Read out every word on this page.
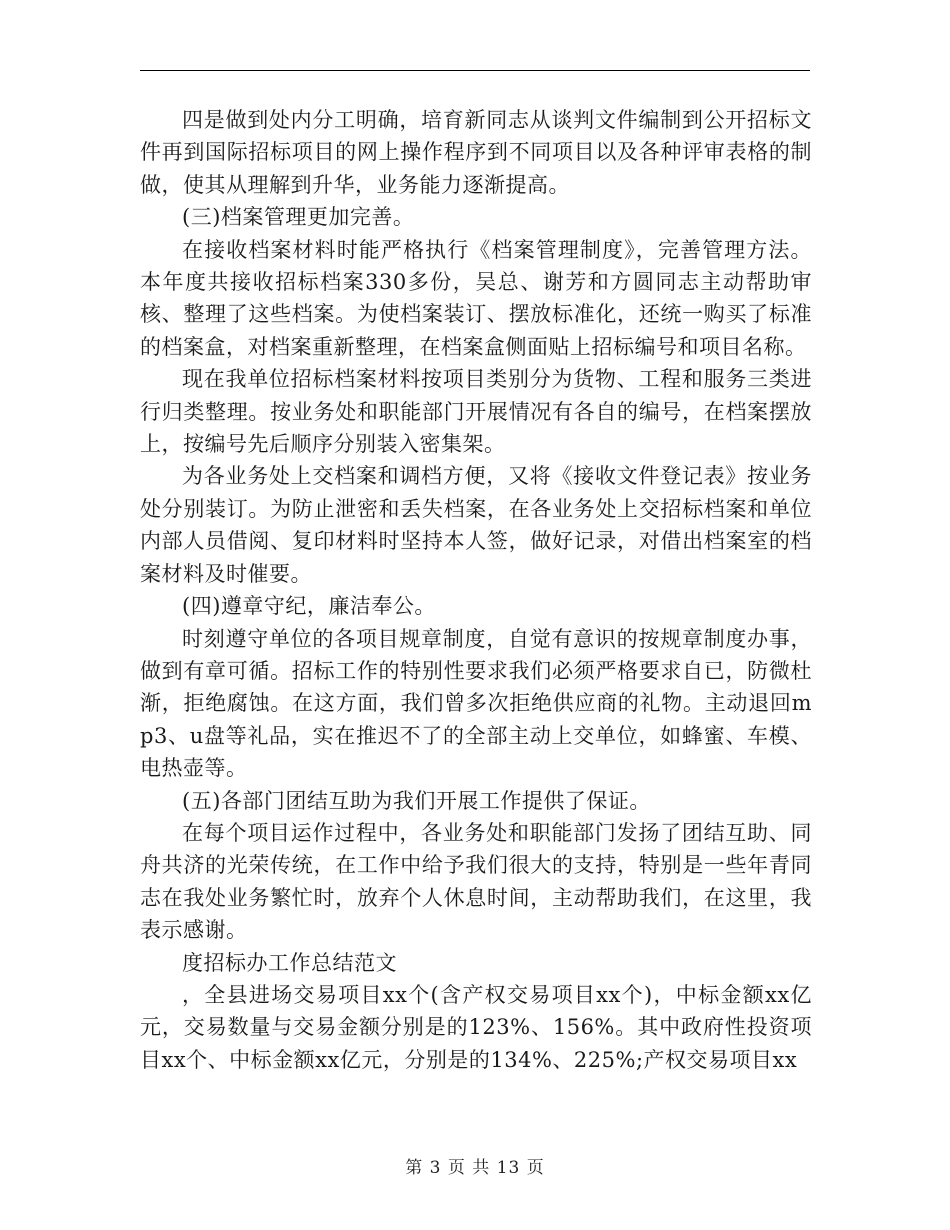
四是做到处内分工明确，培育新同志从谈判文件编制到公开招标文件再到国际招标项目的网上操作程序到不同项目以及各种评审表格的制做，使其从理解到升华，业务能力逐渐提高。

(三)档案管理更加完善。

在接收档案材料时能严格执行《档案管理制度》，完善管理方法。本年度共接收招标档案330多份，吴总、谢芳和方圆同志主动帮助审核、整理了这些档案。为使档案装订、摆放标准化，还统一购买了标准的档案盒，对档案重新整理，在档案盒侧面贴上招标编号和项目名称。

现在我单位招标档案材料按项目类别分为货物、工程和服务三类进行归类整理。按业务处和职能部门开展情况有各自的编号，在档案摆放上，按编号先后顺序分别装入密集架。

为各业务处上交档案和调档方便，又将《接收文件登记表》按业务处分别装订。为防止泄密和丢失档案，在各业务处上交招标档案和单位内部人员借阅、复印材料时坚持本人签，做好记录，对借出档案室的档案材料及时催要。

(四)遵章守纪，廉洁奉公。

时刻遵守单位的各项目规章制度，自觉有意识的按规章制度办事，做到有章可循。招标工作的特别性要求我们必须严格要求自已，防微杜渐，拒绝腐蚀。在这方面，我们曾多次拒绝供应商的礼物。主动退回mp3、u盘等礼品，实在推迟不了的全部主动上交单位，如蜂蜜、车模、电热壶等。

(五)各部门团结互助为我们开展工作提供了保证。

在每个项目运作过程中，各业务处和职能部门发扬了团结互助、同舟共济的光荣传统，在工作中给予我们很大的支持，特别是一些年青同志在我处业务繁忙时，放弃个人休息时间，主动帮助我们，在这里，我表示感谢。

度招标办工作总结范文

，全县进场交易项目xx个(含产权交易项目xx个)，中标金额xx亿元，交易数量与交易金额分别是的123%、156%。其中政府性投资项目xx个、中标金额xx亿元，分别是的134%、225%;产权交易项目xx

第 3 页 共 13 页
